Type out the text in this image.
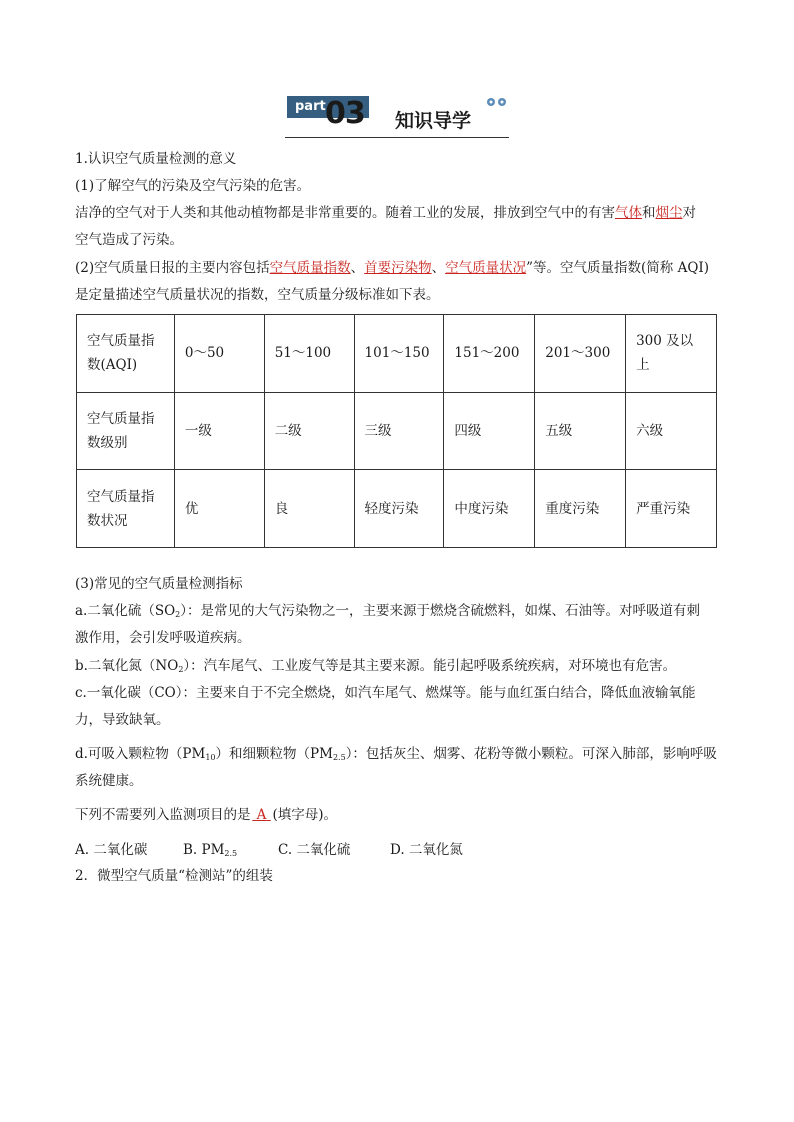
part.
03 知识导学
1.认识空气质量检测的意义
(1)了解空气的污染及空气污染的危害。
洁净的空气对于人类和其他动植物都是非常重要的。随着工业的发展，排放到空气中的有害气体和烟尘对
空气造成了污染。
(2)空气质量日报的主要内容包括空气质量指数、首要污染物、空气质量状况”等。空气质量指数(简称 AQI)
是定量描述空气质量状况的指数，空气质量分级标准如下表。
空气质量指数(AQI)	0～50	51～100	101～150	151～200	201～300	300 及以上
空气质量指数级别	一级	二级	三级	四级	五级	六级
空气质量指数状况	优	良	轻度污染	中度污染	重度污染	严重污染
(3)常见的空气质量检测指标
a.二氧化硫$(SO_2)$：是常见的大气污染物之一，主要来源于燃烧含硫燃料，如煤、石油等。对呼吸道有刺
激作用，会引发呼吸道疾病。
b.二氧化氮$(NO_2)$：汽车尾气、工业废气等是其主要来源。能引起呼吸系统疾病，对环境也有危害。
c.一氧化碳（CO）：主要来自于不完全燃烧，如汽车尾气、燃煤等。能与血红蛋白结合，降低血液输氧能
力，导致缺氧。
d.可吸入颗粒物$(PM_{10})$和细颗粒物$(PM_{2.5})$：包括灰尘、烟雾、花粉等微小颗粒。可深入肺部，影响呼吸
系统健康。
下列不需要列入监测项目的是 A (填字母)。
A. 二氧化碳	B. $PM_{2.5}$	C. 二氧化硫	D. 二氧化氮
2．微型空气质量“检测站”的组装
